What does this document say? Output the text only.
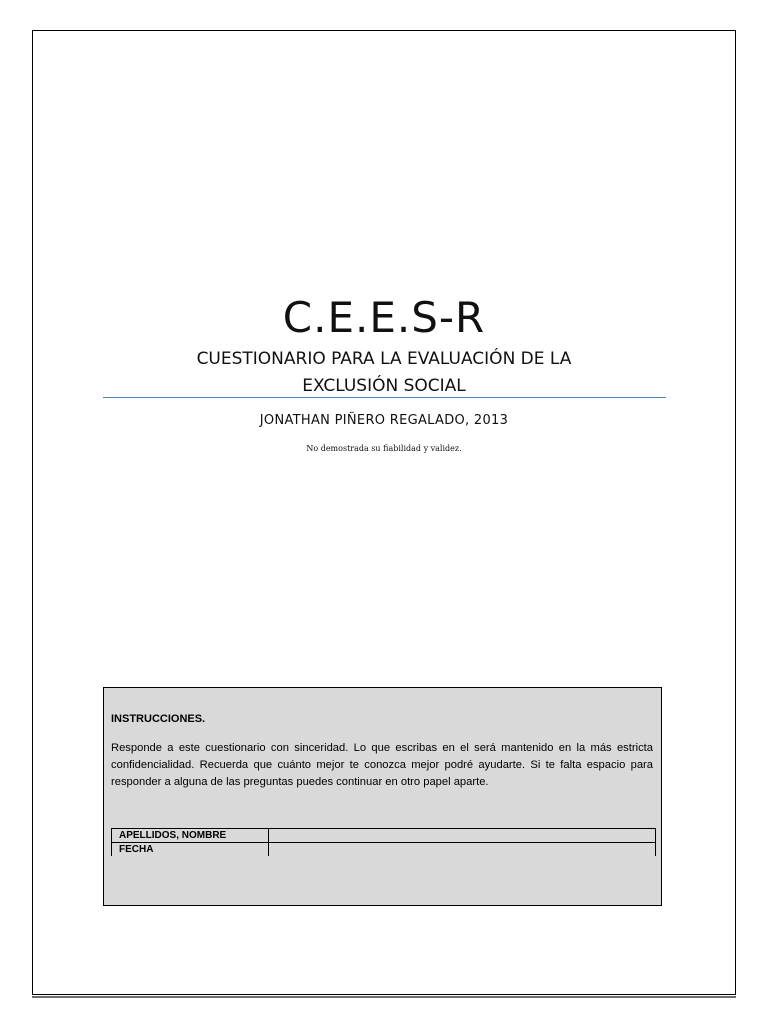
C.E.E.S-R
CUESTIONARIO PARA LA EVALUACIÓN DE LA
EXCLUSIÓN SOCIAL
JONATHAN PIÑERO REGALADO, 2013
No demostrada su fiabilidad y validez.
INSTRUCCIONES.
Responde a este cuestionario con sinceridad. Lo que escribas en el será mantenido en la más estricta confidencialidad. Recuerda que cuánto mejor te conozca mejor podré ayudarte. Si te falta espacio para responder a alguna de las preguntas puedes continuar en otro papel aparte.
APELLIDOS, NOMBRE	
FECHA	
